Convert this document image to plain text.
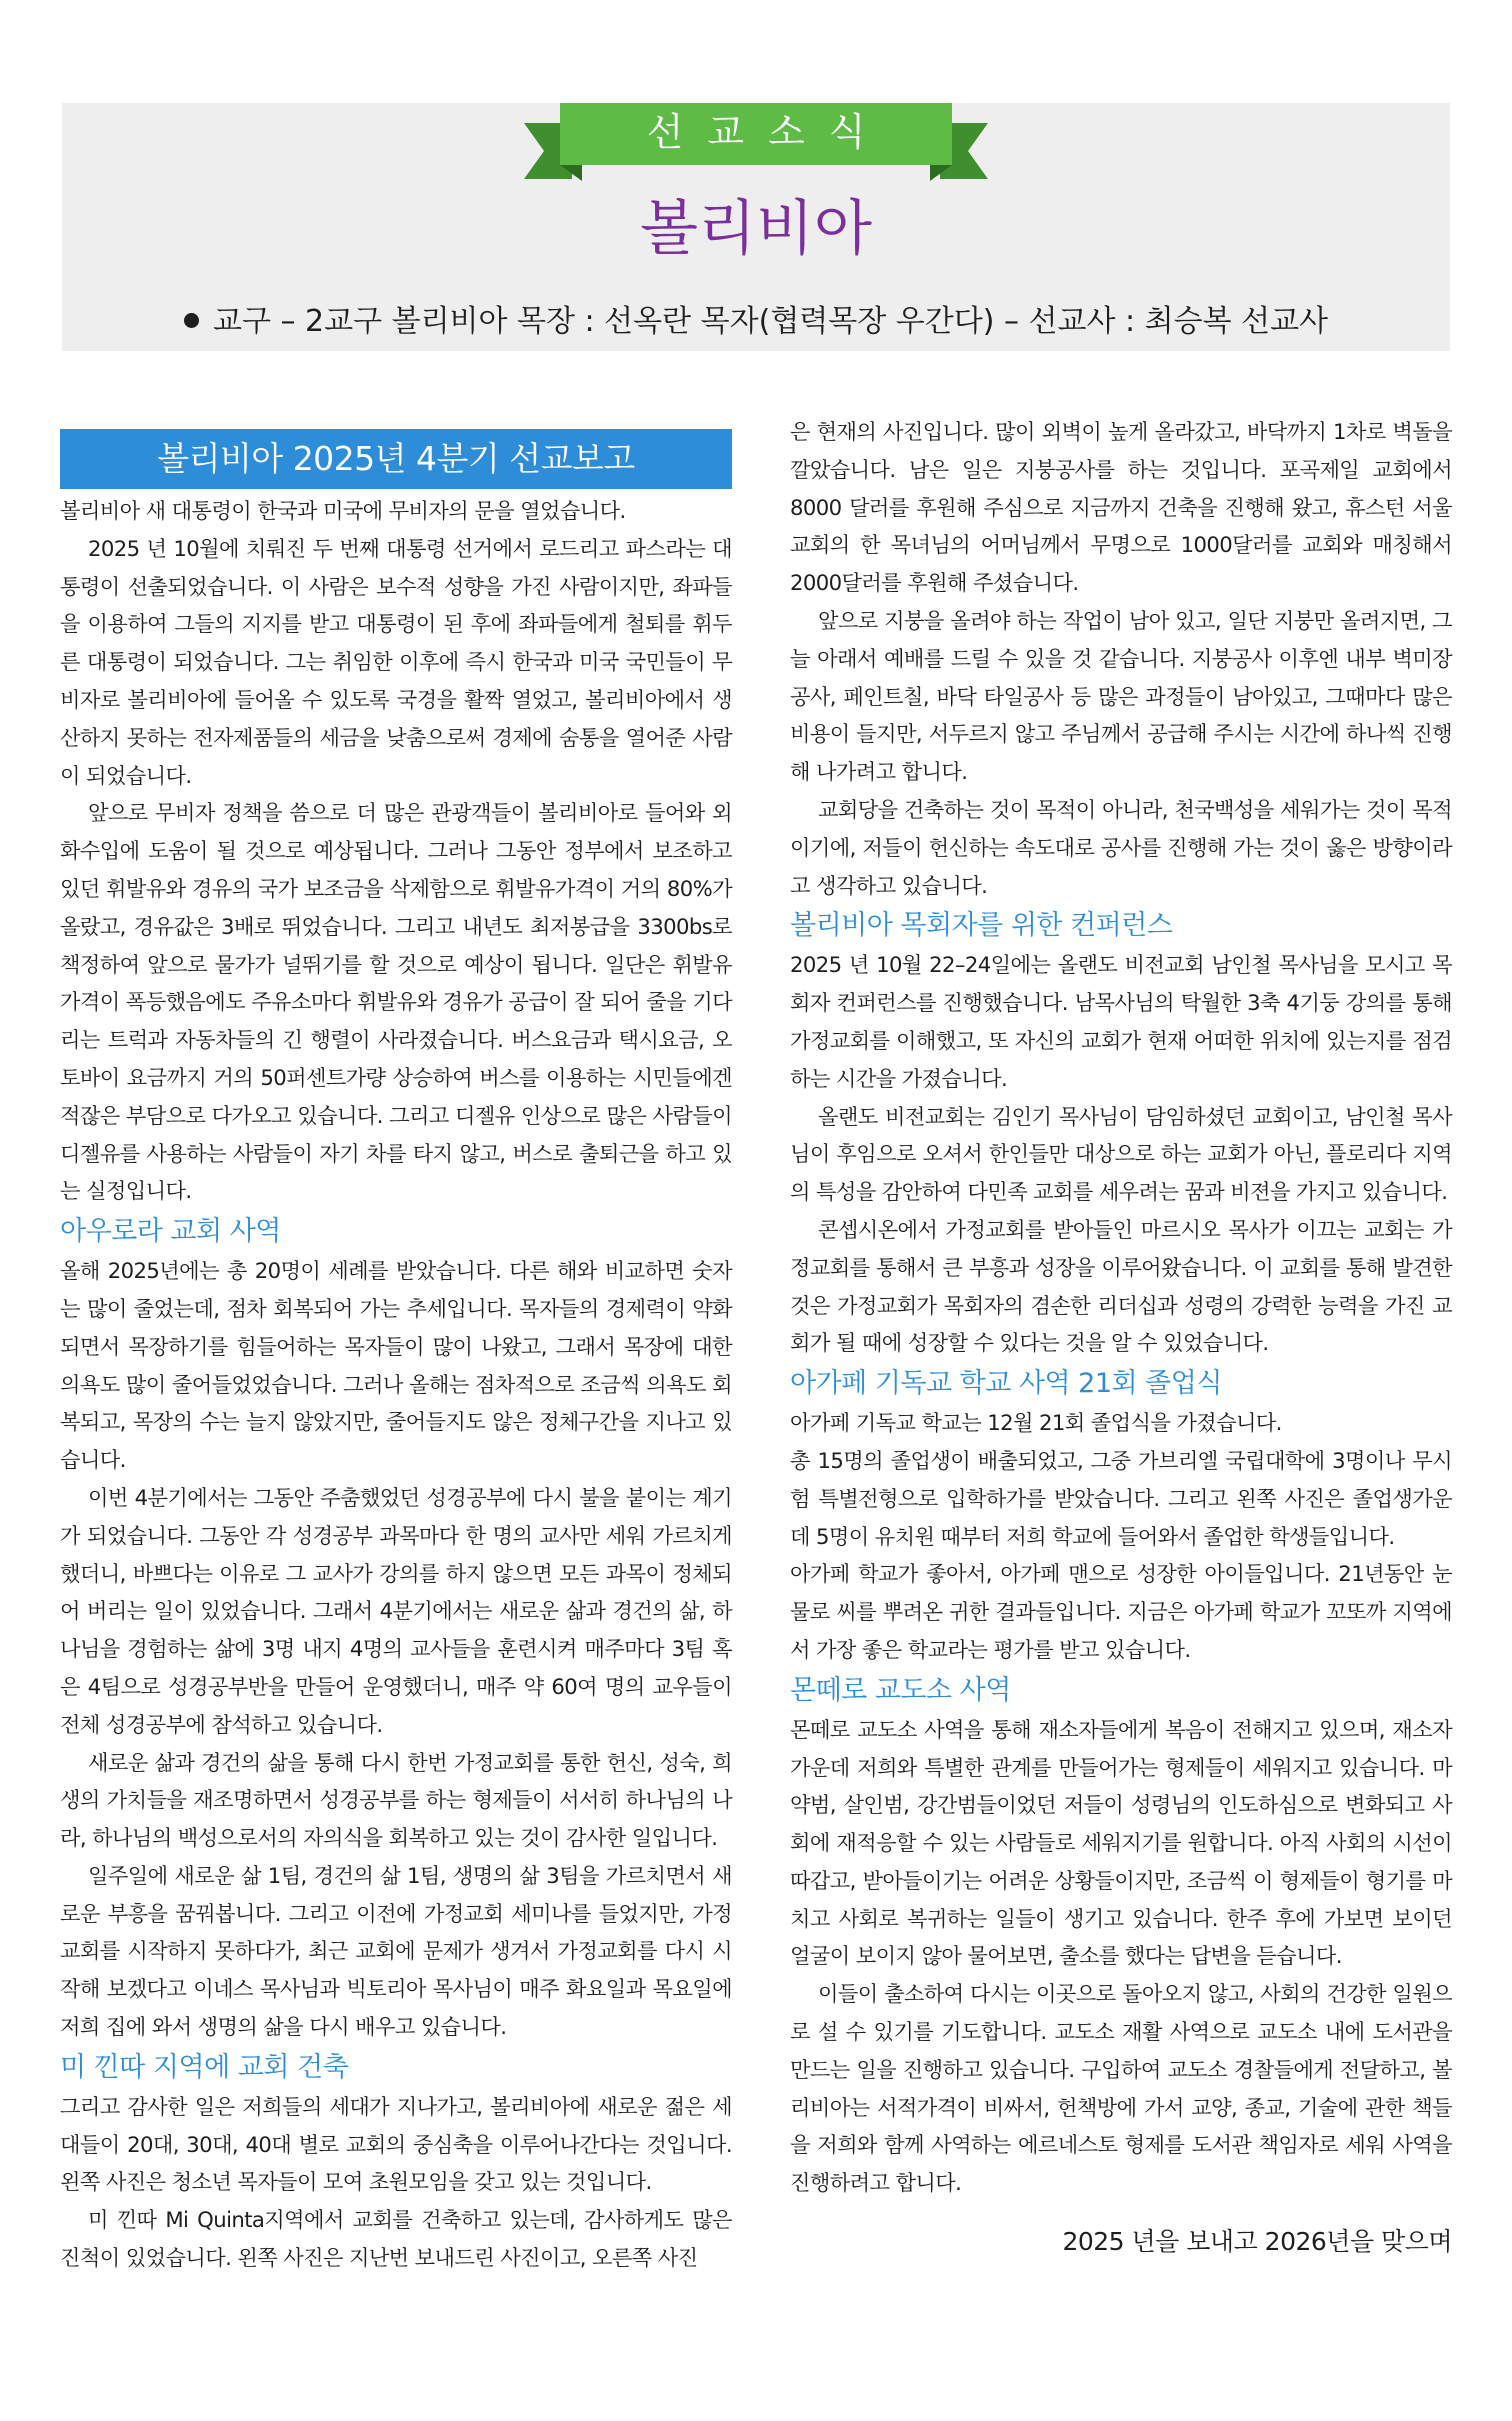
선교소식
볼리비아
교구 – 2교구 볼리비아 목장 : 선옥란 목자(협력목장 우간다) – 선교사 : 최승복 선교사
볼리비아 2025년 4분기 선교보고

볼리비아 새 대통령이 한국과 미국에 무비자의 문을 열었습니다.

2025 년 10월에 치뤄진 두 번째 대통령 선거에서 로드리고 파스라는 대통령이 선출되었습니다. 이 사람은 보수적 성향을 가진 사람이지만, 좌파들을 이용하여 그들의 지지를 받고 대통령이 된 후에 좌파들에게 철퇴를 휘두른 대통령이 되었습니다. 그는 취임한 이후에 즉시 한국과 미국 국민들이 무비자로 볼리비아에 들어올 수 있도록 국경을 활짝 열었고, 볼리비아에서 생산하지 못하는 전자제품들의 세금을 낮춤으로써 경제에 숨통을 열어준 사람이 되었습니다.

앞으로 무비자 정책을 씀으로 더 많은 관광객들이 볼리비아로 들어와 외화수입에 도움이 될 것으로 예상됩니다. 그러나 그동안 정부에서 보조하고 있던 휘발유와 경유의 국가 보조금을 삭제함으로 휘발유가격이 거의 80%가 올랐고, 경유값은 3배로 뛰었습니다. 그리고 내년도 최저봉급을 3300bs로 책정하여 앞으로 물가가 널뛰기를 할 것으로 예상이 됩니다. 일단은 휘발유가격이 폭등했음에도 주유소마다 휘발유와 경유가 공급이 잘 되어 줄을 기다리는 트럭과 자동차들의 긴 행렬이 사라졌습니다. 버스요금과 택시요금, 오토바이 요금까지 거의 50퍼센트가량 상승하여 버스를 이용하는 시민들에겐 적잖은 부담으로 다가오고 있습니다. 그리고 디젤유 인상으로 많은 사람들이 디젤유를 사용하는 사람들이 자기 차를 타지 않고, 버스로 출퇴근을 하고 있는 실정입니다.

아우로라 교회 사역

올해 2025년에는 총 20명이 세례를 받았습니다. 다른 해와 비교하면 숫자는 많이 줄었는데, 점차 회복되어 가는 추세입니다. 목자들의 경제력이 약화되면서 목장하기를 힘들어하는 목자들이 많이 나왔고, 그래서 목장에 대한 의욕도 많이 줄어들었었습니다. 그러나 올해는 점차적으로 조금씩 의욕도 회복되고, 목장의 수는 늘지 않았지만, 줄어들지도 않은 정체구간을 지나고 있습니다.

이번 4분기에서는 그동안 주춤했었던 성경공부에 다시 불을 붙이는 계기가 되었습니다. 그동안 각 성경공부 과목마다 한 명의 교사만 세워 가르치게 했더니, 바쁘다는 이유로 그 교사가 강의를 하지 않으면 모든 과목이 정체되어 버리는 일이 있었습니다. 그래서 4분기에서는 새로운 삶과 경건의 삶, 하나님을 경험하는 삶에 3명 내지 4명의 교사들을 훈련시켜 매주마다 3팀 혹은 4팀으로 성경공부반을 만들어 운영했더니, 매주 약 60여 명의 교우들이 전체 성경공부에 참석하고 있습니다.

새로운 삶과 경건의 삶을 통해 다시 한번 가정교회를 통한 헌신, 성숙, 희생의 가치들을 재조명하면서 성경공부를 하는 형제들이 서서히 하나님의 나라, 하나님의 백성으로서의 자의식을 회복하고 있는 것이 감사한 일입니다.

일주일에 새로운 삶 1팀, 경건의 삶 1팀, 생명의 삶 3팀을 가르치면서 새로운 부흥을 꿈꿔봅니다. 그리고 이전에 가정교회 세미나를 들었지만, 가정교회를 시작하지 못하다가, 최근 교회에 문제가 생겨서 가정교회를 다시 시작해 보겠다고 이네스 목사님과 빅토리아 목사님이 매주 화요일과 목요일에 저희 집에 와서 생명의 삶을 다시 배우고 있습니다.

미 낀따 지역에 교회 건축

그리고 감사한 일은 저희들의 세대가 지나가고, 볼리비아에 새로운 젊은 세대들이 20대, 30대, 40대 별로 교회의 중심축을 이루어나간다는 것입니다. 왼쪽 사진은 청소년 목자들이 모여 초원모임을 갖고 있는 것입니다.

미 낀따 Mi Quinta지역에서 교회를 건축하고 있는데, 감사하게도 많은 진척이 있었습니다. 왼쪽 사진은 지난번 보내드린 사진이고, 오른쪽 사진

은 현재의 사진입니다. 많이 외벽이 높게 올라갔고, 바닥까지 1차로 벽돌을 깔았습니다. 남은 일은 지붕공사를 하는 것입니다. 포곡제일 교회에서 8000 달러를 후원해 주심으로 지금까지 건축을 진행해 왔고, 휴스턴 서울교회의 한 목녀님의 어머님께서 무명으로 1000달러를 교회와 매칭해서 2000달러를 후원해 주셨습니다.

앞으로 지붕을 올려야 하는 작업이 남아 있고, 일단 지붕만 올려지면, 그늘 아래서 예배를 드릴 수 있을 것 같습니다. 지붕공사 이후엔 내부 벽미장공사, 페인트칠, 바닥 타일공사 등 많은 과정들이 남아있고, 그때마다 많은 비용이 들지만, 서두르지 않고 주님께서 공급해 주시는 시간에 하나씩 진행해 나가려고 합니다.

교회당을 건축하는 것이 목적이 아니라, 천국백성을 세워가는 것이 목적이기에, 저들이 헌신하는 속도대로 공사를 진행해 가는 것이 옳은 방향이라고 생각하고 있습니다.

볼리비아 목회자를 위한 컨퍼런스

2025 년 10월 22–24일에는 올랜도 비전교회 남인철 목사님을 모시고 목회자 컨퍼런스를 진행했습니다. 남목사님의 탁월한 3축 4기둥 강의를 통해 가정교회를 이해했고, 또 자신의 교회가 현재 어떠한 위치에 있는지를 점검하는 시간을 가졌습니다.

올랜도 비전교회는 김인기 목사님이 담임하셨던 교회이고, 남인철 목사님이 후임으로 오셔서 한인들만 대상으로 하는 교회가 아닌, 플로리다 지역의 특성을 감안하여 다민족 교회를 세우려는 꿈과 비젼을 가지고 있습니다.

콘셉시온에서 가정교회를 받아들인 마르시오 목사가 이끄는 교회는 가정교회를 통해서 큰 부흥과 성장을 이루어왔습니다. 이 교회를 통해 발견한 것은 가정교회가 목회자의 겸손한 리더십과 성령의 강력한 능력을 가진 교회가 될 때에 성장할 수 있다는 것을 알 수 있었습니다.

아가페 기독교 학교 사역 21회 졸업식

아가페 기독교 학교는 12월 21회 졸업식을 가졌습니다.

총 15명의 졸업생이 배출되었고, 그중 가브리엘 국립대학에 3명이나 무시험 특별전형으로 입학하가를 받았습니다. 그리고 왼쪽 사진은 졸업생가운데 5명이 유치원 때부터 저희 학교에 들어와서 졸업한 학생들입니다.

아가페 학교가 좋아서, 아가페 맨으로 성장한 아이들입니다. 21년동안 눈물로 씨를 뿌려온 귀한 결과들입니다. 지금은 아가페 학교가 꼬또까 지역에서 가장 좋은 학교라는 평가를 받고 있습니다.

몬떼로 교도소 사역

몬떼로 교도소 사역을 통해 재소자들에게 복음이 전해지고 있으며, 재소자 가운데 저희와 특별한 관계를 만들어가는 형제들이 세워지고 있습니다. 마약범, 살인범, 강간범들이었던 저들이 성령님의 인도하심으로 변화되고 사회에 재적응할 수 있는 사람들로 세워지기를 원합니다. 아직 사회의 시선이 따갑고, 받아들이기는 어려운 상황들이지만, 조금씩 이 형제들이 형기를 마치고 사회로 복귀하는 일들이 생기고 있습니다. 한주 후에 가보면 보이던 얼굴이 보이지 않아 물어보면, 출소를 했다는 답변을 듣습니다.

이들이 출소하여 다시는 이곳으로 돌아오지 않고, 사회의 건강한 일원으로 설 수 있기를 기도합니다. 교도소 재활 사역으로 교도소 내에 도서관을 만드는 일을 진행하고 있습니다. 구입하여 교도소 경찰들에게 전달하고, 볼리비아는 서적가격이 비싸서, 헌책방에 가서 교양, 종교, 기술에 관한 책들을 저희와 함께 사역하는 에르네스토 형제를 도서관 책임자로 세워 사역을 진행하려고 합니다.

2025 년을 보내고 2026년을 맞으며
